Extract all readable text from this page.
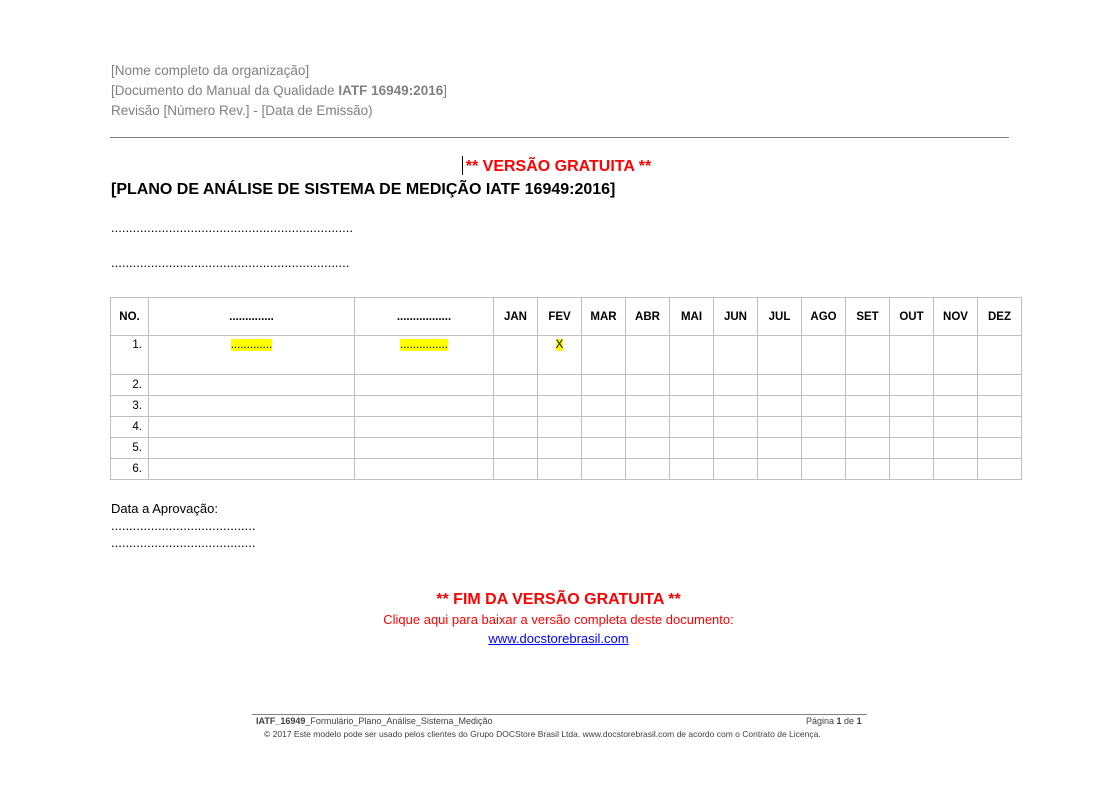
[Nome completo da organização]
[Documento do Manual da Qualidade IATF 16949:2016]
Revisão [Número Rev.] - [Data de Emissão)
** VERSÃO GRATUITA **
[PLANO DE ANÁLISE DE SISTEMA DE MEDIÇÃO IATF 16949:2016]
...................................................................
..................................................................
NO.	..............	.................	JAN	FEV	MAR	ABR	MAI	JUN	JUL	AGO	SET	OUT	NOV	DEZ
1.	.............	...............		X										
2.														
3.														
4.														
5.														
6.														
Data a Aprovação:
........................................
........................................
** FIM DA VERSÃO GRATUITA **
Clique aqui para baixar a versão completa deste documento:
www.docstorebrasil.com
IATF_16949_Formulário_Plano_Análise_Sistema_Medição	Página 1 de 1
© 2017 Este modelo pode ser usado pelos clientes do Grupo DOCStore Brasil Ltda. www.docstorebrasil.com de acordo com o Contrato de Licença.
